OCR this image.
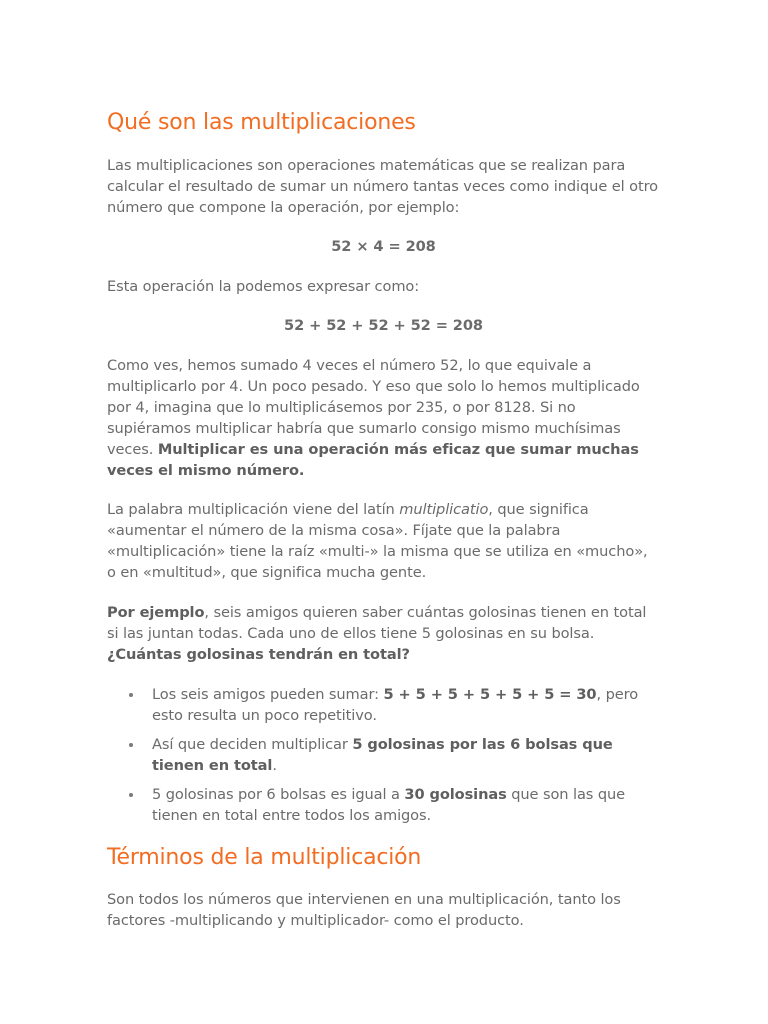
Qué son las multiplicaciones

Las multiplicaciones son operaciones matemáticas que se realizan para calcular el resultado de sumar un número tantas veces como indique el otro número que compone la operación, por ejemplo:

52 × 4 = 208

Esta operación la podemos expresar como:

52 + 52 + 52 + 52 = 208

Como ves, hemos sumado 4 veces el número 52, lo que equivale a multiplicarlo por 4. Un poco pesado. Y eso que solo lo hemos multiplicado por 4, imagina que lo multiplicásemos por 235, o por 8128. Si no supiéramos multiplicar habría que sumarlo consigo mismo muchísimas veces. Multiplicar es una operación más eficaz que sumar muchas veces el mismo número.

La palabra multiplicación viene del latín multiplicatio, que significa «aumentar el número de la misma cosa». Fíjate que la palabra «multiplicación» tiene la raíz «multi-» la misma que se utiliza en «mucho», o en «multitud», que significa mucha gente.

Por ejemplo, seis amigos quieren saber cuántas golosinas tienen en total si las juntan todas. Cada uno de ellos tiene 5 golosinas en su bolsa. ¿Cuántas golosinas tendrán en total?

Los seis amigos pueden sumar: 5 + 5 + 5 + 5 + 5 + 5 = 30, pero esto resulta un poco repetitivo.
Así que deciden multiplicar 5 golosinas por las 6 bolsas que tienen en total.
5 golosinas por 6 bolsas es igual a 30 golosinas que son las que tienen en total entre todos los amigos.
Términos de la multiplicación

Son todos los números que intervienen en una multiplicación, tanto los factores -multiplicando y multiplicador- como el producto.
